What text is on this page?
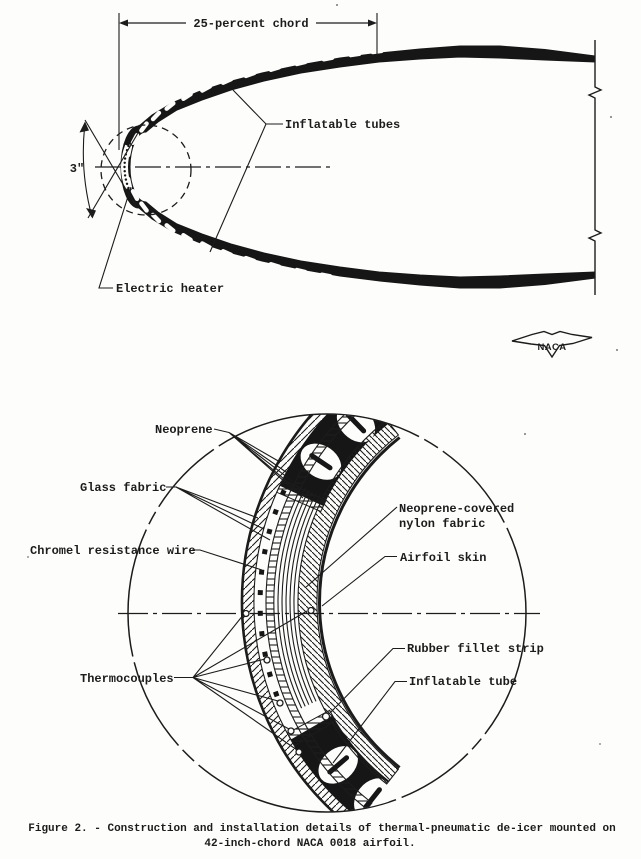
25-percent chord
3"
Inflatable tubes
Electric heater
NACA
Neoprene
Glass fabric
Chromel resistance wire
Thermocouples
Neoprene-covered
nylon fabric
Airfoil skin
Rubber fillet strip
Inflatable tube
Figure 2. - Construction and installation details of thermal-pneumatic de-icer mounted on
42-inch-chord NACA 0018 airfoil.
